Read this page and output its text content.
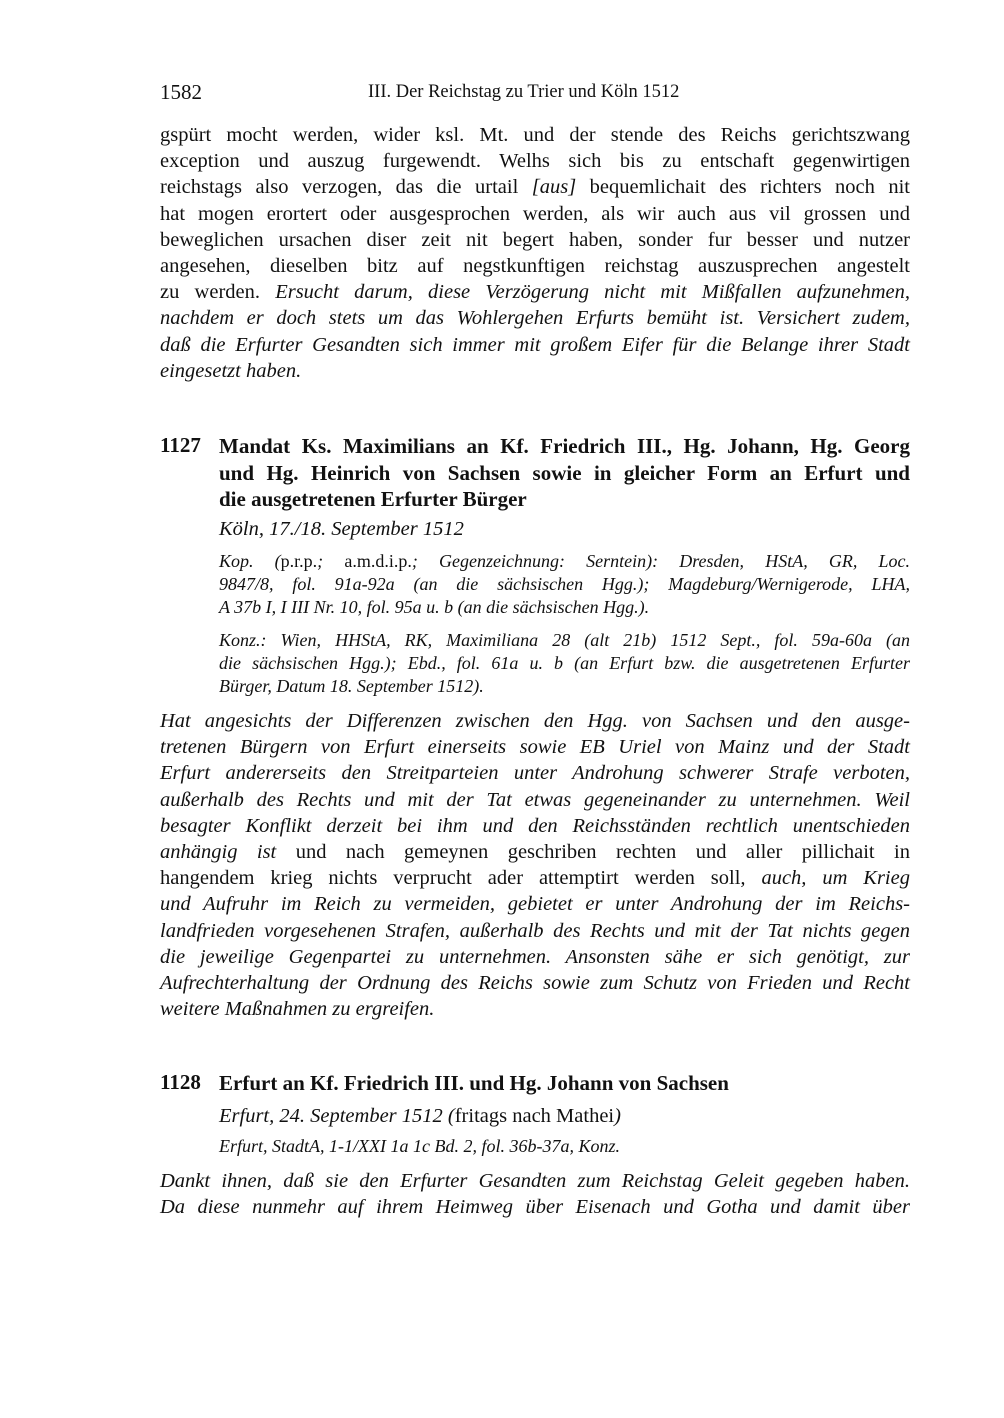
1582	III. Der Reichstag zu Trier und Köln 1512
gspürt mocht werden, wider ksl. Mt. und der stende des Reichs gerichtszwang
exception und auszug furgewendt. Welhs sich bis zu entschaft gegenwirtigen
reichstags also verzogen, das die urtail [aus] bequemlichait des richters noch nit
hat mogen erortert oder ausgesprochen werden, als wir auch aus vil grossen und
beweglichen ursachen diser zeit nit begert haben, sonder fur besser und nutzer
angesehen, dieselben bitz auf negstkunftigen reichstag auszusprechen angestelt
zu werden. Ersucht darum, diese Verzögerung nicht mit Mißfallen aufzunehmen,
nachdem er doch stets um das Wohlergehen Erfurts bemüht ist. Versichert zudem,
daß die Erfurter Gesandten sich immer mit großem Eifer für die Belange ihrer Stadt
eingesetzt haben.
1127 Mandat Ks. Maximilians an Kf. Friedrich III., Hg. Johann, Hg. Georg
und Hg. Heinrich von Sachsen sowie in gleicher Form an Erfurt und
die ausgetretenen Erfurter Bürger
Köln, 17./18. September 1512
Kop. (p.r.p.; a.m.d.i.p.; Gegenzeichnung: Serntein): Dresden, HStA, GR, Loc.
9847/8, fol. 91a-92a (an die sächsischen Hgg.); Magdeburg/Wernigerode, LHA,
A 37b I, I III Nr. 10, fol. 95a u. b (an die sächsischen Hgg.).
Konz.: Wien, HHStA, RK, Maximiliana 28 (alt 21b) 1512 Sept., fol. 59a-60a (an
die sächsischen Hgg.); Ebd., fol. 61a u. b (an Erfurt bzw. die ausgetretenen Erfurter
Bürger, Datum 18. September 1512).
Hat angesichts der Differenzen zwischen den Hgg. von Sachsen und den ausge-
tretenen Bürgern von Erfurt einerseits sowie EB Uriel von Mainz und der Stadt
Erfurt andererseits den Streitparteien unter Androhung schwerer Strafe verboten,
außerhalb des Rechts und mit der Tat etwas gegeneinander zu unternehmen. Weil
besagter Konflikt derzeit bei ihm und den Reichsständen rechtlich unentschieden
anhängig ist und nach gemeynen geschriben rechten und aller pillichait in
hangendem krieg nichts verprucht ader attemptirt werden soll, auch, um Krieg
und Aufruhr im Reich zu vermeiden, gebietet er unter Androhung der im Reichs-
landfrieden vorgesehenen Strafen, außerhalb des Rechts und mit der Tat nichts gegen
die jeweilige Gegenpartei zu unternehmen. Ansonsten sähe er sich genötigt, zur
Aufrechterhaltung der Ordnung des Reichs sowie zum Schutz von Frieden und Recht
weitere Maßnahmen zu ergreifen.
1128 Erfurt an Kf. Friedrich III. und Hg. Johann von Sachsen
Erfurt, 24. September 1512 (fritags nach Mathei)
Erfurt, StadtA, 1-1/XXI 1a 1c Bd. 2, fol. 36b-37a, Konz.
Dankt ihnen, daß sie den Erfurter Gesandten zum Reichstag Geleit gegeben haben.
Da diese nunmehr auf ihrem Heimweg über Eisenach und Gotha und damit über
